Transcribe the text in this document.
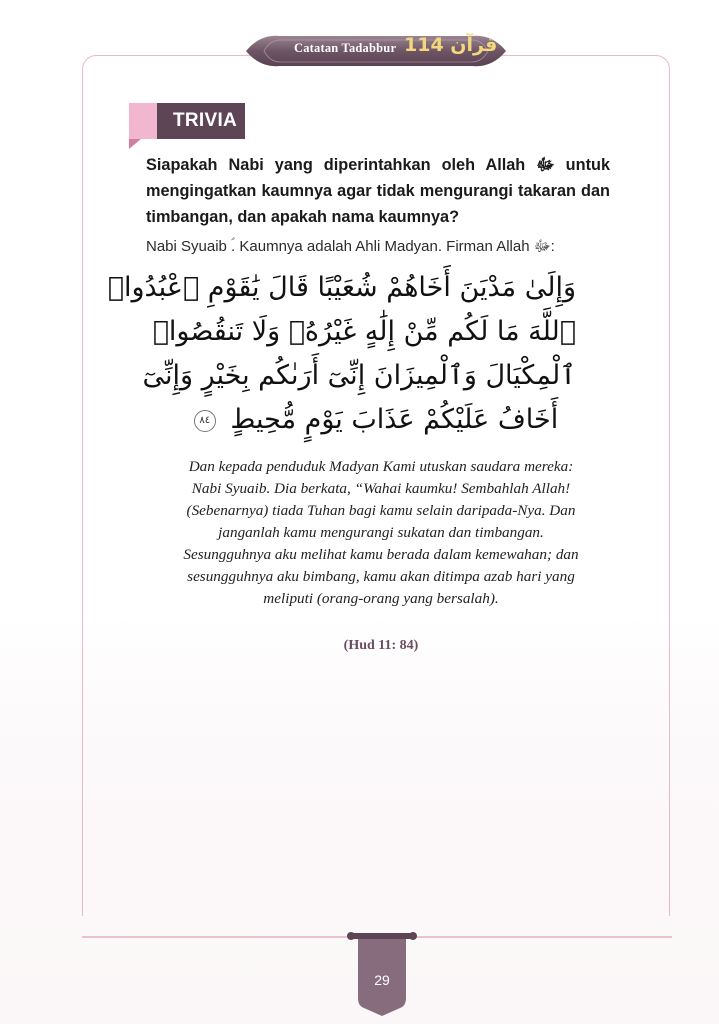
Catatan Tadabbur قرآن 114
TRIVIA
Siapakah Nabi yang diperintahkan oleh Allah ﷻ untuk mengingatkan kaumnya agar tidak mengurangi takaran dan timbangan, dan apakah nama kaumnya?
Nabi Syuaib ؑ. Kaumnya adalah Ahli Madyan. Firman Allah ﷻ:
وَإِلَىٰ مَدْيَنَ أَخَاهُمْ شُعَيْبًا قَالَ يَٰقَوْمِ ٱعْبُدُوا۟
ٱللَّهَ مَا لَكُم مِّنْ إِلَٰهٍ غَيْرُهُۥ وَلَا تَنقُصُوا۟
ٱلْمِكْيَالَ وَٱلْمِيزَانَ إِنِّىٓ أَرَىٰكُم بِخَيْرٍ وَإِنِّىٓ
أَخَافُ عَلَيْكُمْ عَذَابَ يَوْمٍ مُّحِيطٍ ٨٤
Dan kepada penduduk Madyan Kami utuskan saudara mereka: Nabi Syuaib. Dia berkata, “Wahai kaumku! Sembahlah Allah! (Sebenarnya) tiada Tuhan bagi kamu selain daripada-Nya. Dan janganlah kamu mengurangi sukatan dan timbangan. Sesungguhnya aku melihat kamu berada dalam kemewahan; dan sesungguhnya aku bimbang, kamu akan ditimpa azab hari yang meliputi (orang-orang yang bersalah).
(Hud 11: 84)
29
